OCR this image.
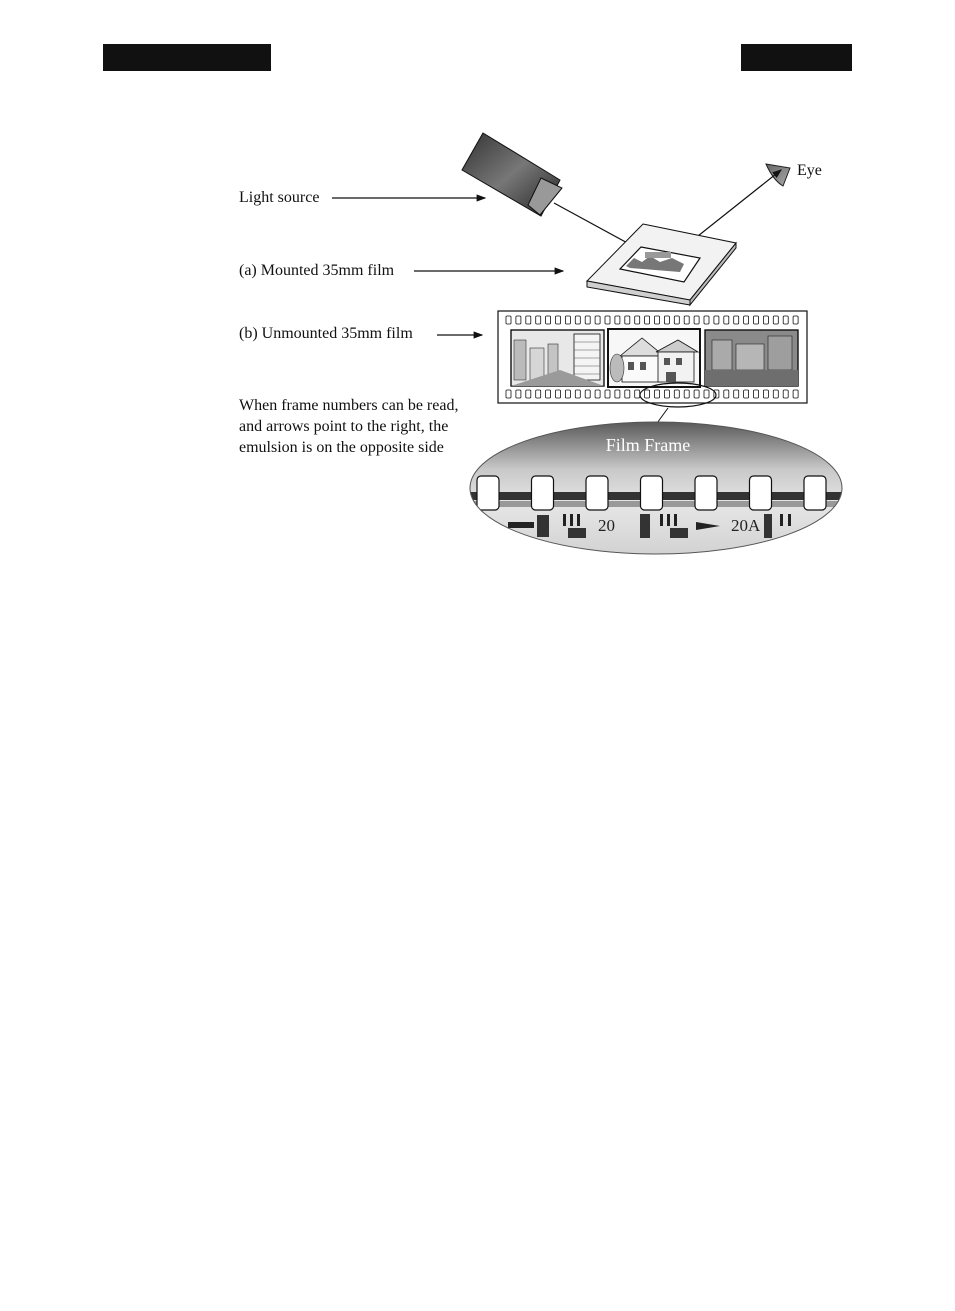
Film Frame
20	20A
Light source
Eye
(a) Mounted 35mm film
(b) Unmounted 35mm film
When frame numbers can be read,
and arrows point to the right, the
emulsion is on the opposite side
